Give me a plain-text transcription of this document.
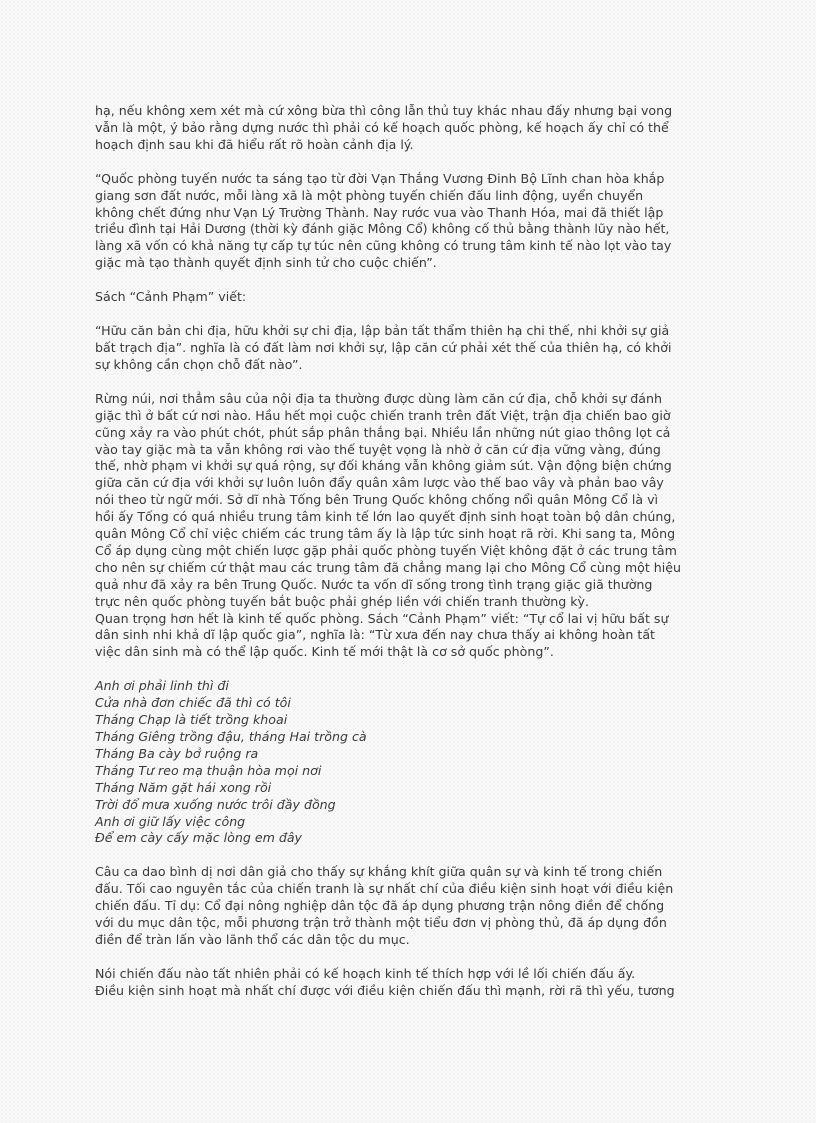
hạ, nếu không xem xét mà cứ xông bừa thì công lẫn thủ tuy khác nhau đấy nhưng bại vong
vẫn là một, ý bảo rằng dựng nước thì phải có kế hoạch quốc phòng, kế hoạch ấy chỉ có thể
hoạch định sau khi đã hiểu rất rõ hoàn cảnh địa lý.

“Quốc phòng tuyến nước ta sáng tạo từ đời Vạn Thắng Vương Đinh Bộ Lĩnh chan hòa khắp
giang sơn đất nước, mỗi làng xã là một phòng tuyến chiến đấu linh động, uyển chuyển
không chết đứng như Vạn Lý Trường Thành. Nay rước vua vào Thanh Hóa, mai đã thiết lập
triều đình tại Hải Dương (thời kỳ đánh giặc Mông Cổ) không cố thủ bằng thành lũy nào hết,
làng xã vốn có khả năng tự cấp tự túc nên cũng không có trung tâm kinh tế nào lọt vào tay
giặc mà tạo thành quyết định sinh tử cho cuộc chiến”.

Sách “Cảnh Phạm” viết:

“Hữu căn bản chi địa, hữu khởi sự chi địa, lập bản tất thẩm thiên hạ chi thế, nhi khởi sự giả
bất trạch địa”. nghĩa là có đất làm nơi khởi sự, lập căn cứ phải xét thế của thiên hạ, có khởi
sự không cần chọn chỗ đất nào”.

Rừng núi, nơi thẳm sâu của nội địa ta thường được dùng làm căn cứ địa, chỗ khởi sự đánh
giặc thì ở bất cứ nơi nào. Hầu hết mọi cuộc chiến tranh trên đất Việt, trận địa chiến bao giờ
cũng xảy ra vào phút chót, phút sắp phân thắng bại. Nhiều lần những nút giao thông lọt cả
vào tay giặc mà ta vẫn không rơi vào thế tuyệt vọng là nhờ ở căn cứ địa vững vàng, đúng
thế, nhờ phạm vi khởi sự quá rộng, sự đối kháng vẫn không giảm sút. Vận động biện chứng
giữa căn cứ địa với khởi sự luôn luôn đẩy quân xâm lược vào thế bao vây và phản bao vây
nói theo từ ngữ mới. Sở dĩ nhà Tống bên Trung Quốc không chống nổi quân Mông Cổ là vì
hồi ấy Tống có quá nhiều trung tâm kinh tế lớn lao quyết định sinh hoạt toàn bộ dân chúng,
quân Mông Cổ chỉ việc chiếm các trung tâm ấy là lập tức sinh hoạt rã rời. Khi sang ta, Mông
Cổ áp dụng cùng một chiến lược gặp phải quốc phòng tuyến Việt không đặt ở các trung tâm
cho nên sự chiếm cứ thật mau các trung tâm đã chẳng mang lại cho Mông Cổ cùng một hiệu
quả như đã xảy ra bên Trung Quốc. Nước ta vốn dĩ sống trong tình trạng giặc giã thường
trực nên quốc phòng tuyến bắt buộc phải ghép liền với chiến tranh thường kỳ.
Quan trọng hơn hết là kinh tế quốc phòng. Sách “Cảnh Phạm” viết: “Tự cổ lai vị hữu bất sự
dân sinh nhi khả dĩ lập quốc gia”, nghĩa là: “Từ xưa đến nay chưa thấy ai không hoàn tất
việc dân sinh mà có thể lập quốc. Kinh tế mới thật là cơ sở quốc phòng”.

Anh ơi phải linh thì đi
Cửa nhà đơn chiếc đã thì có tôi
Tháng Chạp là tiết trồng khoai
Tháng Giêng trồng đậu, tháng Hai trồng cà
Tháng Ba cày bở ruộng ra
Tháng Tư reo mạ thuận hòa mọi nơi
Tháng Năm gặt hái xong rồi
Trời đổ mưa xuống nước trôi đầy đồng
Anh ơi giữ lấy việc công
Để em cày cấy mặc lòng em đây

Câu ca dao bình dị nơi dân giả cho thấy sự khắng khít giữa quân sự và kinh tế trong chiến
đấu. Tối cao nguyên tắc của chiến tranh là sự nhất chí của điều kiện sinh hoạt với điều kiện
chiến đấu. Tỉ dụ: Cổ đại nông nghiệp dân tộc đã áp dụng phương trận nông điền để chống
với du mục dân tộc, mỗi phương trận trở thành một tiểu đơn vị phòng thủ, đã áp dụng đồn
điền để tràn lấn vào lãnh thổ các dân tộc du mục.

Nói chiến đấu nào tất nhiên phải có kế hoạch kinh tế thích hợp với lề lối chiến đấu ấy.
Điều kiện sinh hoạt mà nhất chí được với điều kiện chiến đấu thì mạnh, rời rã thì yếu, tương
